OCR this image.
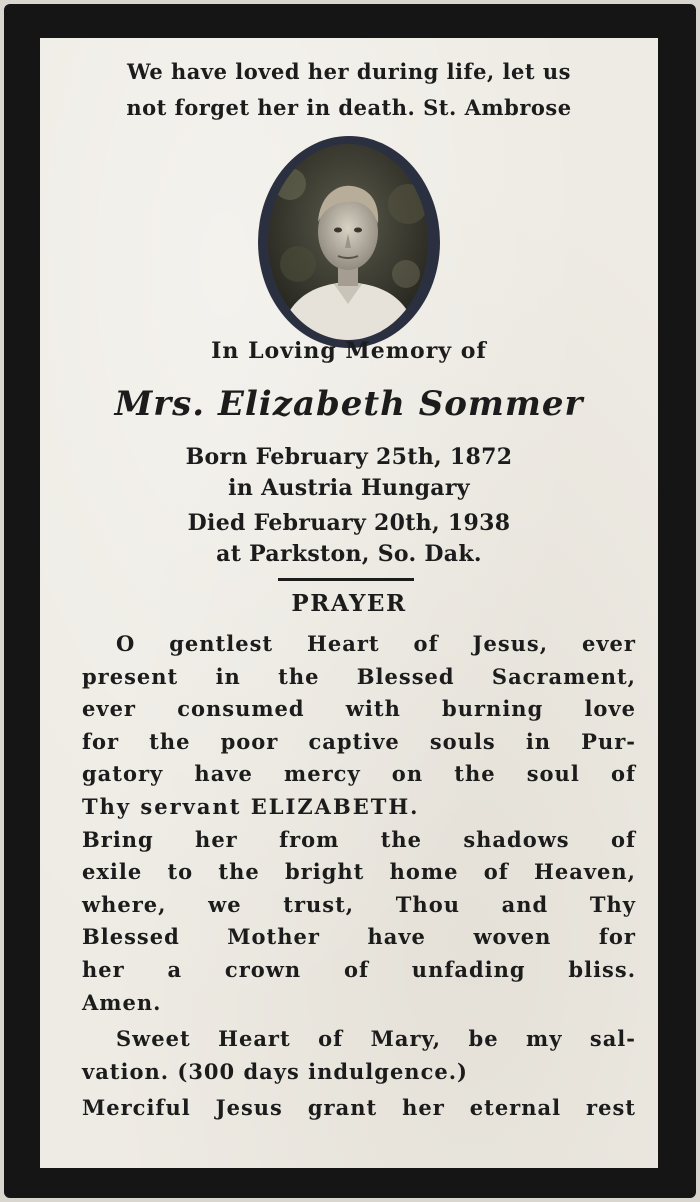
We have loved her during life, let us
not forget her in death. St. Ambrose
In Loving Memory of
Mrs. Elizabeth Sommer
Born February 25th, 1872
in Austria Hungary
Died February 20th, 1938
at Parkston, So. Dak.
PRAYER
O gentlest Heart of Jesus, ever
present in the Blessed Sacrament,
ever consumed with burning love
for the poor captive souls in Pur-
gatory have mercy on the soul of
Thy servant ELIZABETH.
Bring her from the shadows of
exile to the bright home of Heaven,
where, we trust, Thou and Thy
Blessed Mother have woven for
her a crown of unfading bliss.
Amen.
Sweet Heart of Mary, be my sal-
vation. (300 days indulgence.)
Merciful Jesus grant her eternal rest
